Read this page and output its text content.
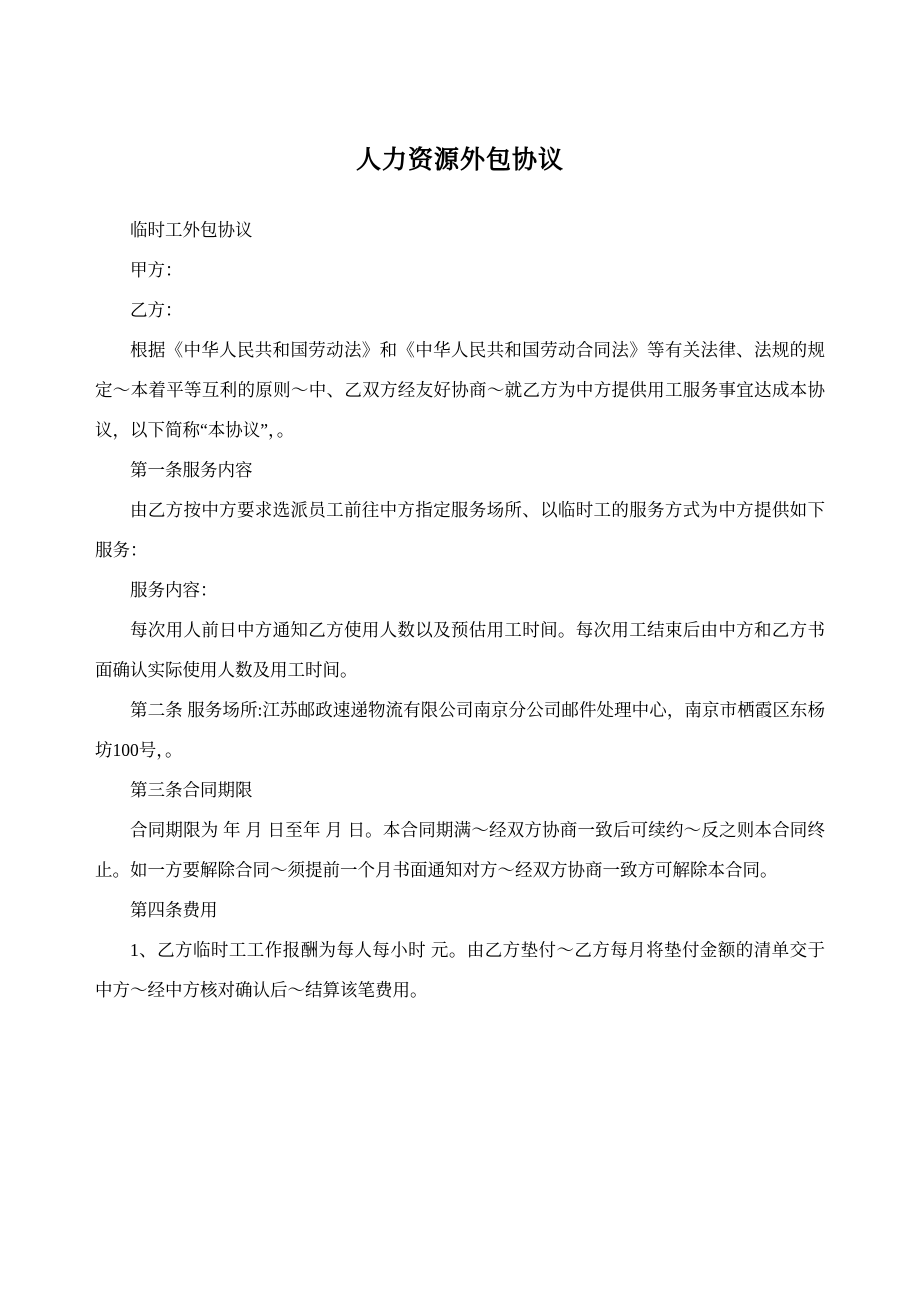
人力资源外包协议

临时工外包协议

甲方：

乙方：

根据《中华人民共和国劳动法》和《中华人民共和国劳动合同法》等有关法律、法规的规定～本着平等互利的原则～中、乙双方经友好协商～就乙方为中方提供用工服务事宜达成本协议，以下简称“本协议”，。

第一条服务内容

由乙方按中方要求选派员工前往中方指定服务场所、以临时工的服务方式为中方提供如下服务：

服务内容：

每次用人前日中方通知乙方使用人数以及预估用工时间。每次用工结束后由中方和乙方书面确认实际使用人数及用工时间。

第二条 服务场所:江苏邮政速递物流有限公司南京分公司邮件处理中心，南京市栖霞区东杨坊100号，。

第三条合同期限

合同期限为 年 月 日至年 月 日。本合同期满～经双方协商一致后可续约～反之则本合同终止。如一方要解除合同～须提前一个月书面通知对方～经双方协商一致方可解除本合同。

第四条费用

1、乙方临时工工作报酬为每人每小时 元。由乙方垫付～乙方每月将垫付金额的清单交于中方～经中方核对确认后～结算该笔费用。
